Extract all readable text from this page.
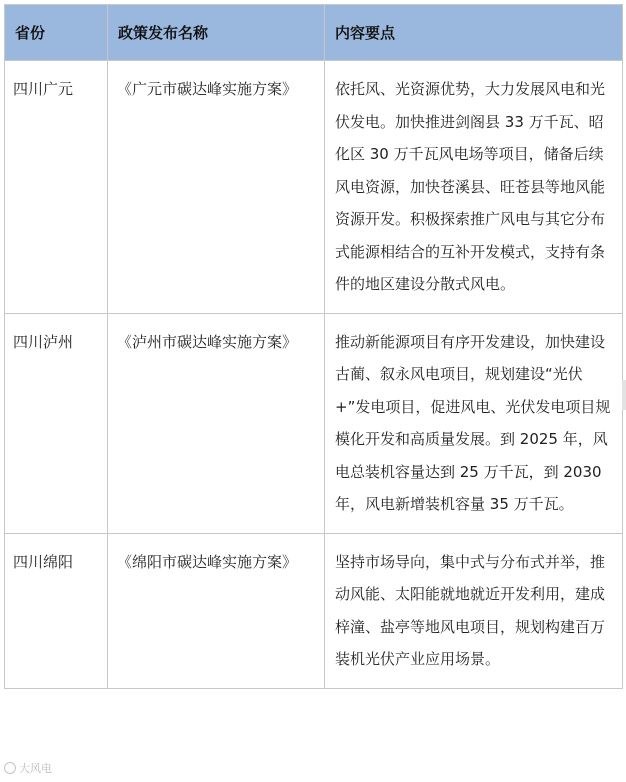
省份	政策发布名称	内容要点
四川广元	《广元市碳达峰实施方案》	依托风、光资源优势，大力发展风电和光伏发电。加快推进剑阁县 33 万千瓦、昭化区 30 万千瓦风电场等项目，储备后续风电资源，加快苍溪县、旺苍县等地风能资源开发。积极探索推广风电与其它分布式能源相结合的互补开发模式，支持有条件的地区建设分散式风电。
四川泸州	《泸州市碳达峰实施方案》	推动新能源项目有序开发建设，加快建设古蔺、叙永风电项目，规划建设“光伏+”发电项目，促进风电、光伏发电项目规模化开发和高质量发展。到 2025 年，风电总装机容量达到 25 万千瓦，到 2030 年，风电新增装机容量 35 万千瓦。
四川绵阳	《绵阳市碳达峰实施方案》	坚持市场导向，集中式与分布式并举，推动风能、太阳能就地就近开发利用，建成梓潼、盐亭等地风电项目，规划构建百万装机光伏产业应用场景。
大风电
